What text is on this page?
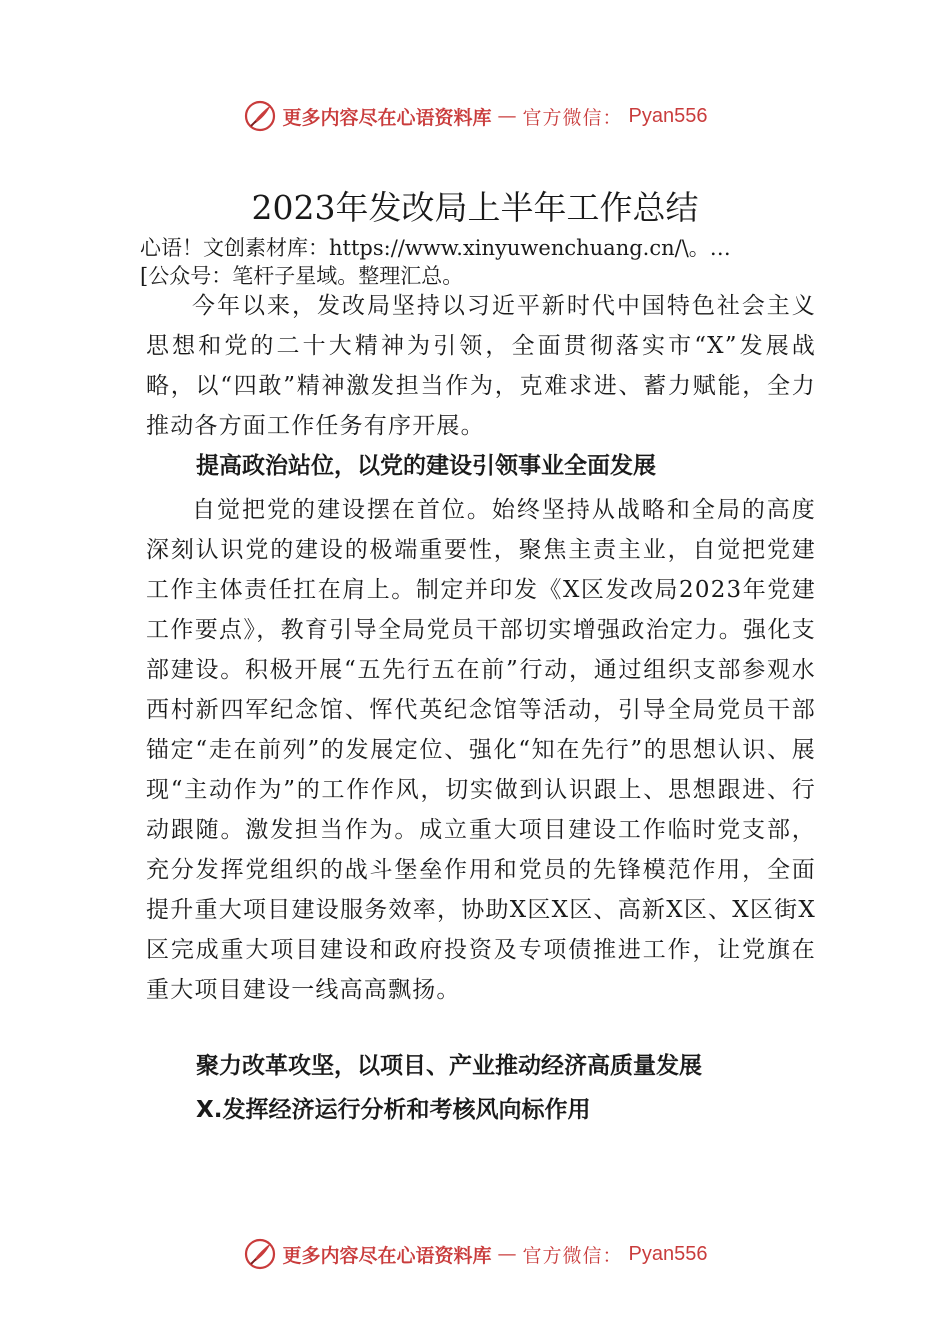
更多内容尽在心语资料库 — 官方微信： Pyan556
2023年发改局上半年工作总结
心语！文创素材库：https://www.xinyuwenchuang.cn/\。…
[公众号：笔杆子星域。整理汇总。

今年以来，发改局坚持以习近平新时代中国特色社会主义思想和党的二十大精神为引领，全面贯彻落实市“X”发展战略，以“四敢”精神激发担当作为，克难求进、蓄力赋能，全力推动各方面工作任务有序开展。

提高政治站位，以党的建设引领事业全面发展

自觉把党的建设摆在首位。始终坚持从战略和全局的高度深刻认识党的建设的极端重要性，聚焦主责主业，自觉把党建工作主体责任扛在肩上。制定并印发《X区发改局2023年党建工作要点》，教育引导全局党员干部切实增强政治定力。强化支部建设。积极开展“五先行五在前”行动，通过组织支部参观水西村新四军纪念馆、恽代英纪念馆等活动，引导全局党员干部锚定“走在前列”的发展定位、强化“知在先行”的思想认识、展现“主动作为”的工作作风，切实做到认识跟上、思想跟进、行动跟随。激发担当作为。成立重大项目建设工作临时党支部，充分发挥党组织的战斗堡垒作用和党员的先锋模范作用，全面提升重大项目建设服务效率，协助X区X区、高新X区、X区街X区完成重大项目建设和政府投资及专项债推进工作，让党旗在重大项目建设一线高高飘扬。

聚力改革攻坚，以项目、产业推动经济高质量发展
X.发挥经济运行分析和考核风向标作用
更多内容尽在心语资料库 — 官方微信： Pyan556
